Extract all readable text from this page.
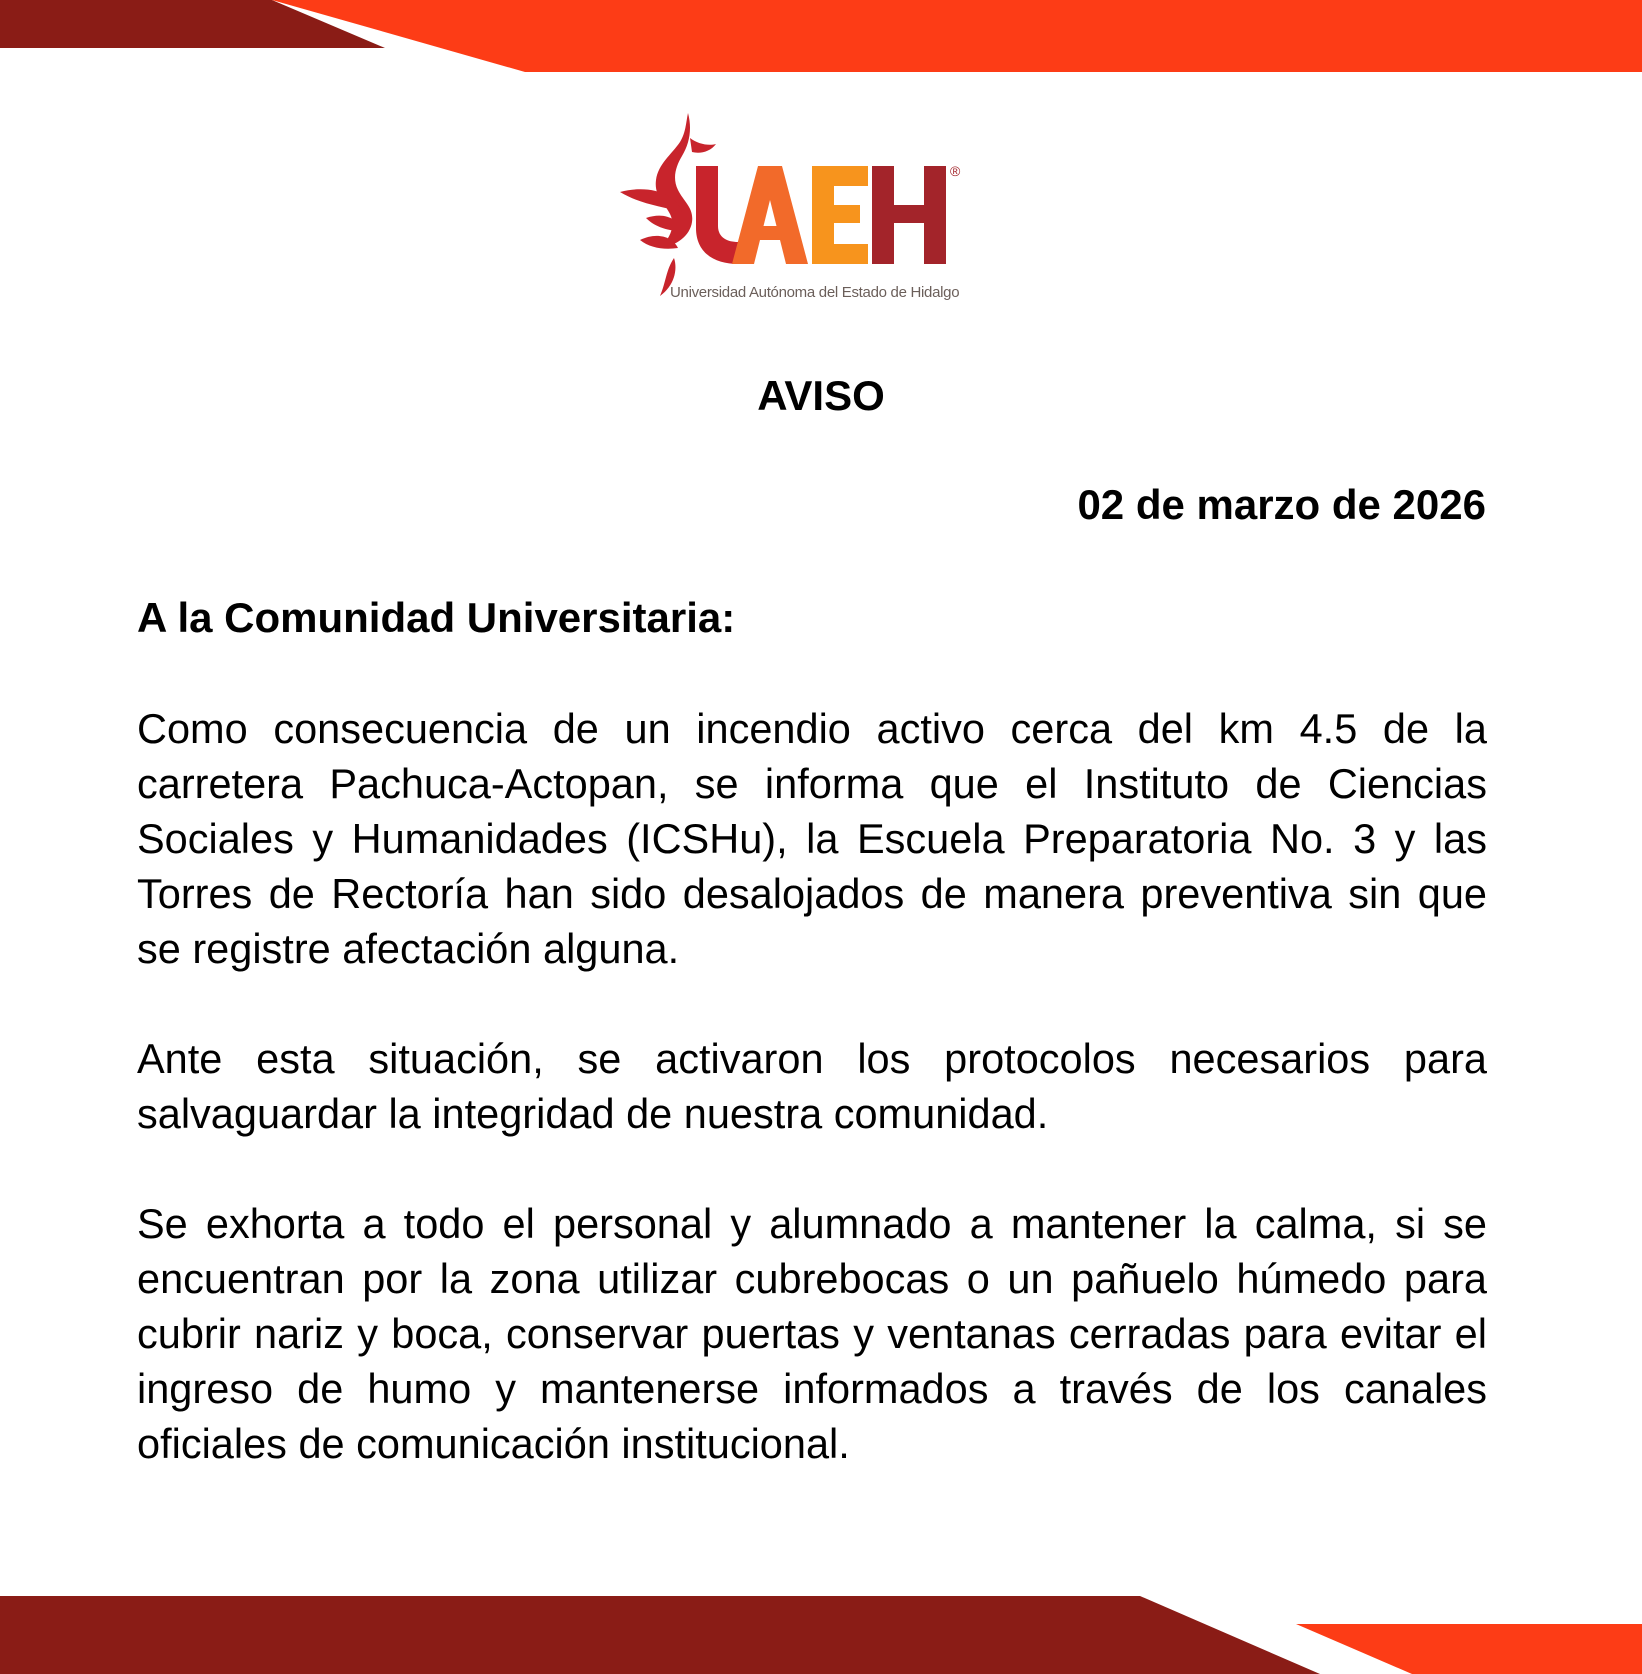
®
Universidad Autónoma del Estado de Hidalgo
AVISO
02 de marzo de 2026
A la Comunidad Universitaria:

Como consecuencia de un incendio activo cerca del km 4.5 de la carretera Pachuca-Actopan, se informa que el Instituto de Ciencias Sociales y Humanidades (ICSHu), la Escuela Preparatoria No. 3 y las Torres de Rectoría han sido desalojados de manera preventiva sin que se registre afectación alguna.

Ante esta situación, se activaron los protocolos necesarios para salvaguardar la integridad de nuestra comunidad.

Se exhorta a todo el personal y alumnado a mantener la calma, si se encuentran por la zona utilizar cubrebocas o un pañuelo húmedo para cubrir nariz y boca, conservar puertas y ventanas cerradas para evitar el ingreso de humo y mantenerse informados a través de los canales oficiales de comunicación institucional.
